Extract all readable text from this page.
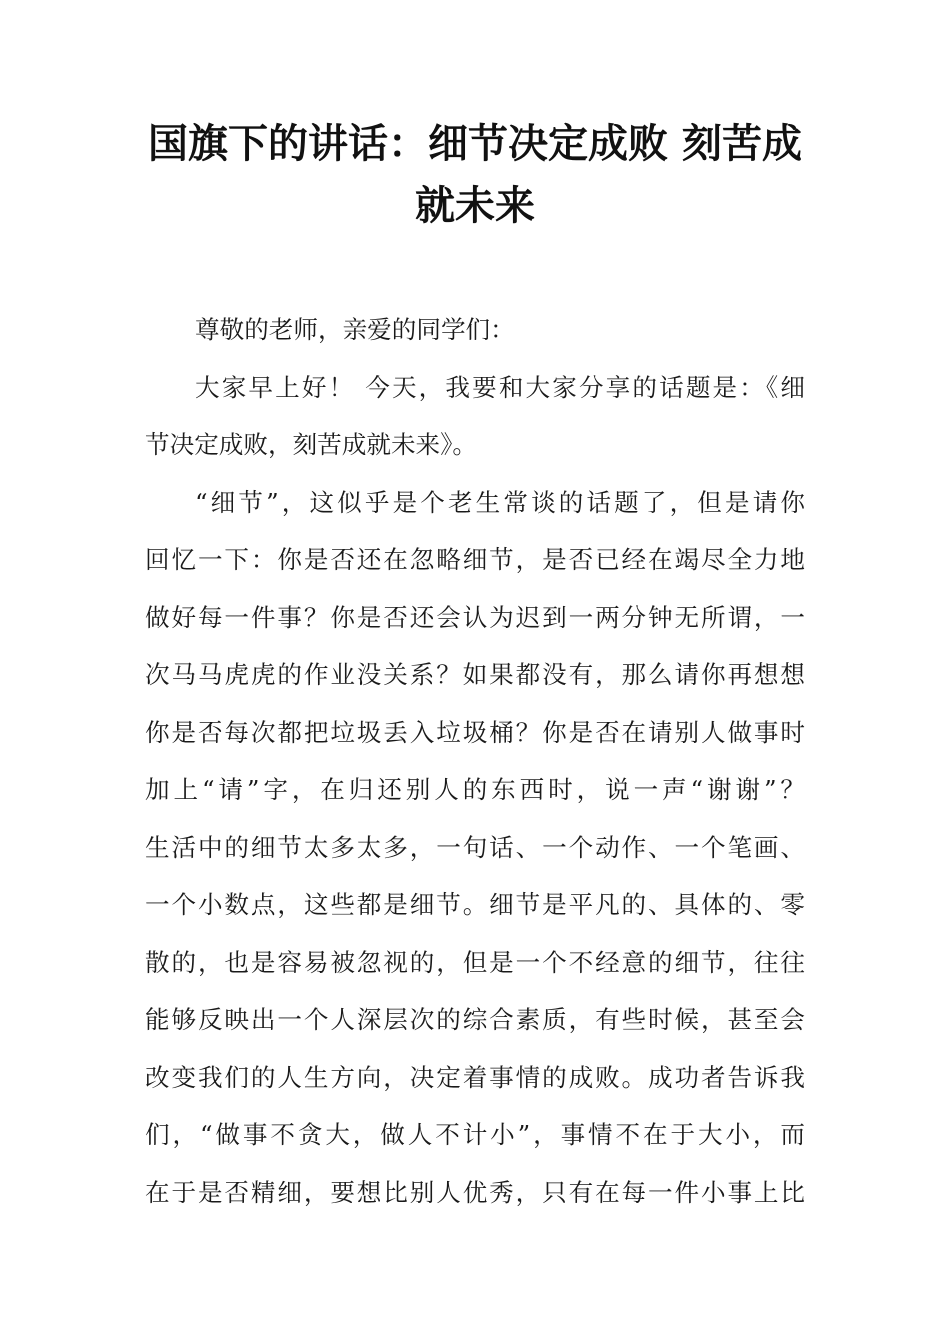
国旗下的讲话：细节决定成败 刻苦成
就未来
尊敬的老师，亲爱的同学们：
大家早上好！ 今天，我要和大家分享的话题是：《细
节决定成败，刻苦成就未来》。
“细节”，这似乎是个老生常谈的话题了，但是请你
回忆一下：你是否还在忽略细节，是否已经在竭尽全力地
做好每一件事？你是否还会认为迟到一两分钟无所谓，一
次马马虎虎的作业没关系？如果都没有，那么请你再想想
你是否每次都把垃圾丢入垃圾桶？你是否在请别人做事时
加上“请”字，在归还别人的东西时，说一声“谢谢”？
生活中的细节太多太多，一句话、一个动作、一个笔画、
一个小数点，这些都是细节。细节是平凡的、具体的、零
散的，也是容易被忽视的，但是一个不经意的细节，往往
能够反映出一个人深层次的综合素质，有些时候，甚至会
改变我们的人生方向，决定着事情的成败。成功者告诉我
们，“做事不贪大，做人不计小”，事情不在于大小，而
在于是否精细，要想比别人优秀，只有在每一件小事上比
